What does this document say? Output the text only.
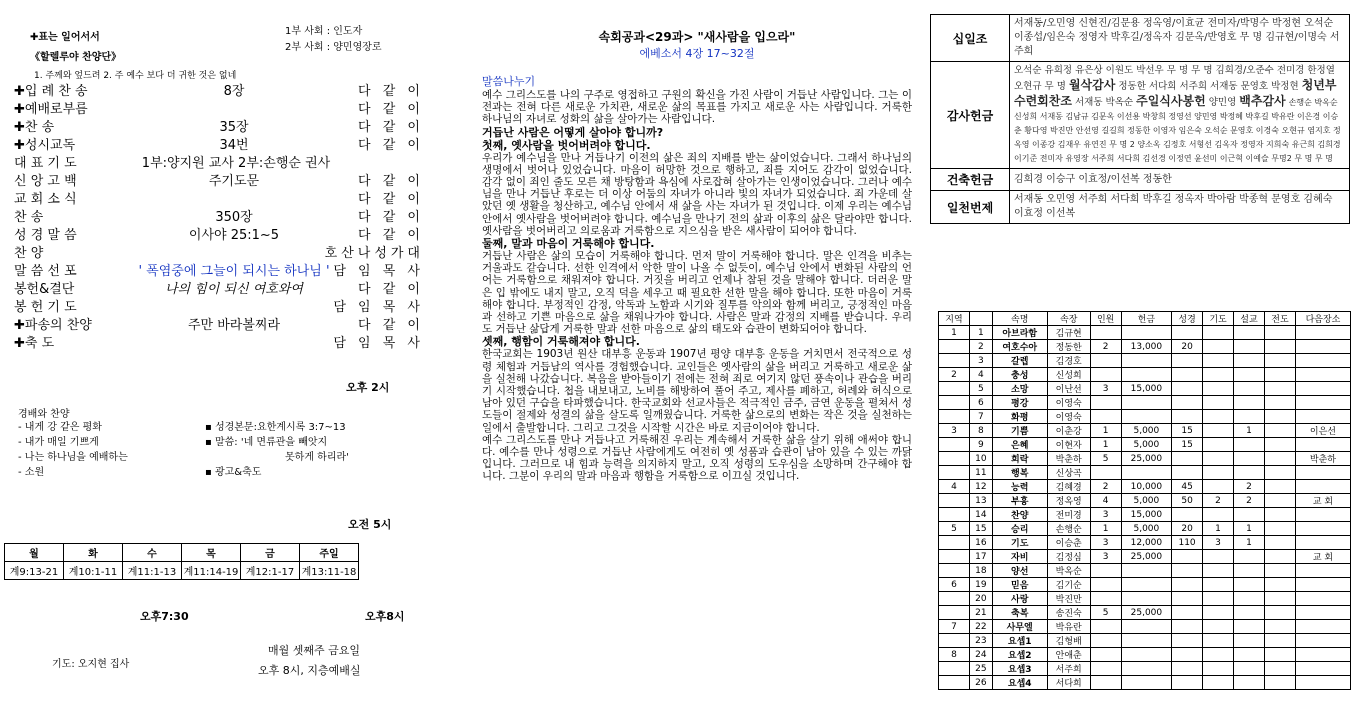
✚표는 일어서서
《할렐루야 찬양단》
1. 주께와 엎드려 2. 주 예수 보다 더 귀한 것은 없네
1부 사회 : 인도자
2부 사회 : 양민영장로
✚입 례 찬 송	8장	다 같 이
✚예배로부름	다 같 이
✚찬 송	35장	다 같 이
✚성시교독	34번	다 같 이
대 표 기 도	1부:양지원 교사 2부:손행순 권사
신 앙 고 백	주기도문	다 같 이
교 회 소 식	다 같 이
찬 송	350장	다 같 이
성 경 말 씀	이사야 25:1~5	다 같 이
찬 양	호산나성가대
말 씀 선 포	' 폭염중에 그늘이 되시는 하나님 ' 담 임 목 사
봉헌&결단	나의 힘이 되신 여호와여	다 같 이
봉 헌 기 도	담 임 목 사
✚파송의 찬양	주만 바라볼찌라	다 같 이
✚축 도	담 임 목 사
오후 2시
경배와 찬양
- 내게 강 같은 평화
- 내가 매일 기쁘게
- 나는 하나님을 예배하는
- 소원
▪ 성경본문:요한계시록 3:7~13
▪ 말씀: '네 면류관을 빼앗지
못하게 하리라'
▪ 광고&축도
오전 5시
월	화	수	목	금	주일
계9:13-21	계10:1-11	계11:1-13	계11:14-19	계12:1-17	계13:11-18
오후7:30	오후8시
기도: 오지현 집사
매월 셋째주 금요일
오후 8시, 지층예배실
속회공과<29과> "새사람을 입으라"
에베소서 4장 17~32절
말씀나누기

예수 그리스도를 나의 구주로 영접하고 구원의 확신을 가진 사람이 거듭난 사람입니다. 그는 이전과는 전혀 다른 새로운 가치관, 새로운 삶의 목표를 가지고 새로운 사는 사람입니다. 거룩한 하나님의 자녀로 성화의 삶을 살아가는 사람입니다.

거듭난 사람은 어떻게 살아야 합니까?
첫째, 옛사람을 벗어버려야 합니다.

우리가 예수님을 만나 거듭나기 이전의 삶은 죄의 지배를 받는 삶이었습니다. 그래서 하나님의 생명에서 벗어나 있었습니다. 마음이 허망한 것으로 행하고, 죄를 지어도 감각이 없었습니다. 감각 없이 죄인 줄도 모른 채 방탕함과 욕심에 사로잡혀 살아가는 인생이었습니다. 그러나 예수님을 만나 거듭난 후로는 더 이상 어둠의 자녀가 아니라 빛의 자녀가 되었습니다. 죄 가운데 살았던 옛 생활을 청산하고, 예수님 안에서 새 삶을 사는 자녀가 된 것입니다. 이제 우리는 예수님 안에서 옛사람을 벗어버려야 합니다. 예수님을 만나기 전의 삶과 이후의 삶은 달라야만 합니다. 옛사람을 벗어버리고 의로움과 거룩함으로 지으심을 받은 새사람이 되어야 합니다.

둘째, 말과 마음이 거룩해야 합니다.

거듭난 사람은 삶의 모습이 거룩해야 합니다. 먼저 말이 거룩해야 합니다. 말은 인격을 비추는 거울과도 같습니다. 선한 인격에서 악한 말이 나올 수 없듯이, 예수님 안에서 변화된 사람의 언어는 거룩함으로 채워져야 합니다. 거짓을 버리고 언제나 참된 것을 말해야 합니다. 더러운 말은 입 밖에도 내지 말고, 오직 덕을 세우고 때 필요한 선한 말을 해야 합니다. 또한 마음이 거룩해야 합니다. 부정적인 감정, 악독과 노함과 시기와 질투를 악의와 함께 버리고, 긍정적인 마음과 선하고 기쁜 마음으로 삶을 채워나가야 합니다. 사람은 말과 감정의 지배를 받습니다. 우리도 거듭난 삶답게 거룩한 말과 선한 마음으로 삶의 태도와 습관이 변화되어야 합니다.

셋째, 행함이 거룩해져야 합니다.

한국교회는 1903년 원산 대부흥 운동과 1907년 평양 대부흥 운동을 거치면서 전국적으로 성령 체험과 거듭남의 역사를 경험했습니다. 교인들은 옛사람의 삶을 버리고 거룩하고 새로운 삶을 실천해 나갔습니다. 복음을 받아들이기 전에는 전혀 죄로 여기지 않던 풍속이나 관습을 버리기 시작했습니다. 첩을 내보내고, 노비를 해방하여 풀어 주고, 제사를 폐하고, 허례와 허식으로 남아 있던 구습을 타파했습니다. 한국교회와 선교사들은 적극적인 금주, 금연 운동을 펼쳐서 성도들이 절제와 성결의 삶을 살도록 일깨웠습니다. 거룩한 삶으로의 변화는 작은 것을 실천하는 일에서 출발합니다. 그리고 그것을 시작할 시간은 바로 지금이어야 합니다.

예수 그리스도를 만나 거듭나고 거룩해진 우리는 계속해서 거룩한 삶을 살기 위해 애써야 합니다. 예수를 만나 성령으로 거듭난 사람에게도 여전히 옛 성품과 습관이 남아 있을 수 있는 까닭입니다. 그러므로 내 힘과 능력을 의지하지 말고, 오직 성령의 도우심을 소망하며 간구해야 합니다. 그분이 우리의 말과 마음과 행함을 거룩함으로 이끄실 것입니다.

십일조	서재동/오민영 신현진/김문용 정옥영/이효균 전미자/박명수 박정현 오석순 이종섭/임은숙 정영자 박후길/정옥자 김문옥/반영호 무 명 김규현/이명숙 서주희
감사헌금	오석순 유희정 유은상 이원도 박선우 무 명 무 명 김희경/오준수 전미경 한정열 오현규 무 명 월삭감사 정동한 서다희 서주희 서재동 문영호 박정현 청년부수련회찬조 서재동 박옥순 주일식사봉헌 양민영 백추감사 손행순 박옥순 신성희 서재동 김남규 김문옥 이선용 박창희 정영선 양민영 박정혜 박후길 박유란 이은경 이승춘 황다영 박진만 안선영 길길희 정동한 이영자 임은숙 오석순 문영호 이경숙 오현규 염지호 정옥영 이종강 김재우 유연진 무 명 2 양소옥 김정호 서형선 김옥자 정영자 지희숙 유근희 김희경 이기준 전미자 유영장 서주희 서다희 김선경 이정연 윤선미 이근혁 이예슬 무명2 무 명 무 명
건축헌금	김희경 이승구 이효정/이선복 정동한
일천번제	서재동 오민영 서주희 서다희 박후길 정옥자 박아람 박종혁 문영호 김혜숙 이효정 이선복
지역		속명	속장	인원	헌금	성경	기도	설교	전도	다음장소
1	1	아브라함	김규현							
	2	여호수아	정동한	2	13,000	20				
	3	갈렙	김경호							
2	4	충성	신성희							
	5	소망	이난선	3	15,000					
	6	평강	이영숙							
	7	화평	이영숙							
3	8	기쁨	이춘강	1	5,000	15		1		이은선
	9	은혜	이현자	1	5,000	15				
	10	희락	박춘하	5	25,000					박춘하
	11	행복	신상곡							
4	12	능력	김혜경	2	10,000	45		2		
	13	부흥	정옥영	4	5,000	50	2	2		교 회
	14	찬양	전미경	3	15,000					
5	15	승리	손행순	1	5,000	20	1	1		
	16	기도	이승춘	3	12,000	110	3	1		
	17	자비	김정심	3	25,000					교 회
	18	양선	박옥순							
6	19	믿음	김기순							
	20	사랑	박진만							
	21	축복	송진숙	5	25,000					
7	22	사무엘	박유란							
	23	요셉1	김형배							
8	24	요셉2	안애춘							
	25	요셉3	서주희							
	26	요셉4	서다희							
